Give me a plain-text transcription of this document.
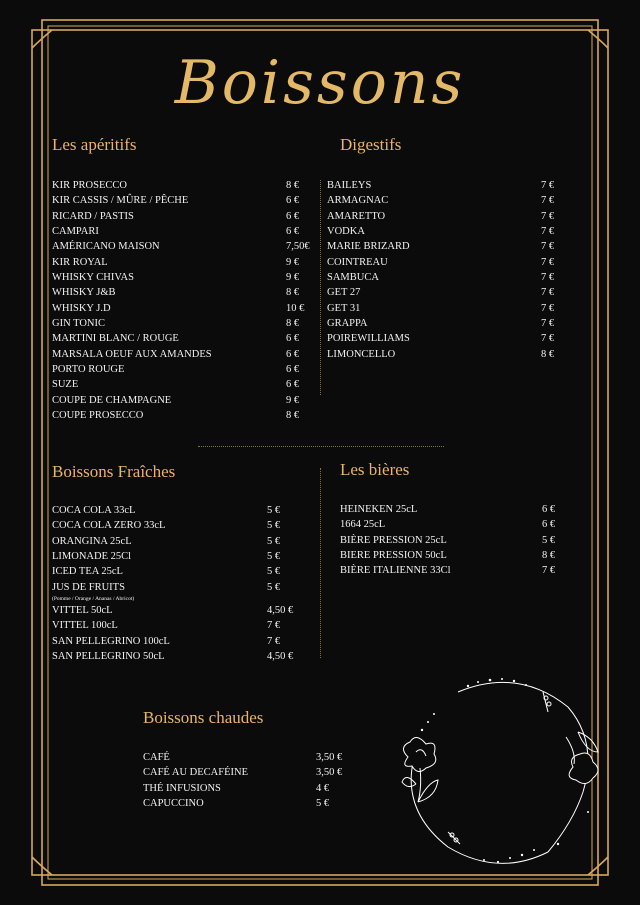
Boissons
Les apéritifs
KIR PROSECCO	8 €
KIR CASSIS / MÛRE / PÊCHE	6 €
RICARD / PASTIS	6 €
CAMPARI	6 €
AMÉRICANO MAISON	7,50€
KIR ROYAL	9 €
WHISKY CHIVAS	9 €
WHISKY J&B	8 €
WHISKY J.D	10 €
GIN TONIC	8 €
MARTINI BLANC / ROUGE	6 €
MARSALA OEUF AUX AMANDES	6 €
PORTO ROUGE	6 €
SUZE	6 €
COUPE DE CHAMPAGNE	9 €
COUPE PROSECCO	8 €
Digestifs
BAILEYS	7 €
ARMAGNAC	7 €
AMARETTO	7 €
VODKA	7 €
MARIE BRIZARD	7 €
COINTREAU	7 €
SAMBUCA	7 €
GET 27	7 €
GET 31	7 €
GRAPPA	7 €
POIREWILLIAMS	7 €
LIMONCELLO	8 €
Boissons Fraîches
COCA COLA 33cL	5 €
COCA COLA ZERO 33cL	5 €
ORANGINA 25cL	5 €
LIMONADE 25Cl	5 €
ICED TEA 25cL	5 €
JUS DE FRUITS	5 €
(Pomme / Orange / Ananas / Abricot)
VITTEL 50cL	4,50 €
VITTEL 100cL	7 €
SAN PELLEGRINO 100cL	7 €
SAN PELLEGRINO 50cL	4,50 €
Les bières
HEINEKEN 25cL	6 €
1664 25cL	6 €
BIÈRE PRESSION 25cL	5 €
BIERE PRESSION 50cL	8 €
BIÈRE ITALIENNE 33Cl	7 €
Boissons chaudes
CAFÉ	3,50 €
CAFÉ AU DECAFÉINE	3,50 €
THÉ INFUSIONS	4 €
CAPUCCINO	5 €
